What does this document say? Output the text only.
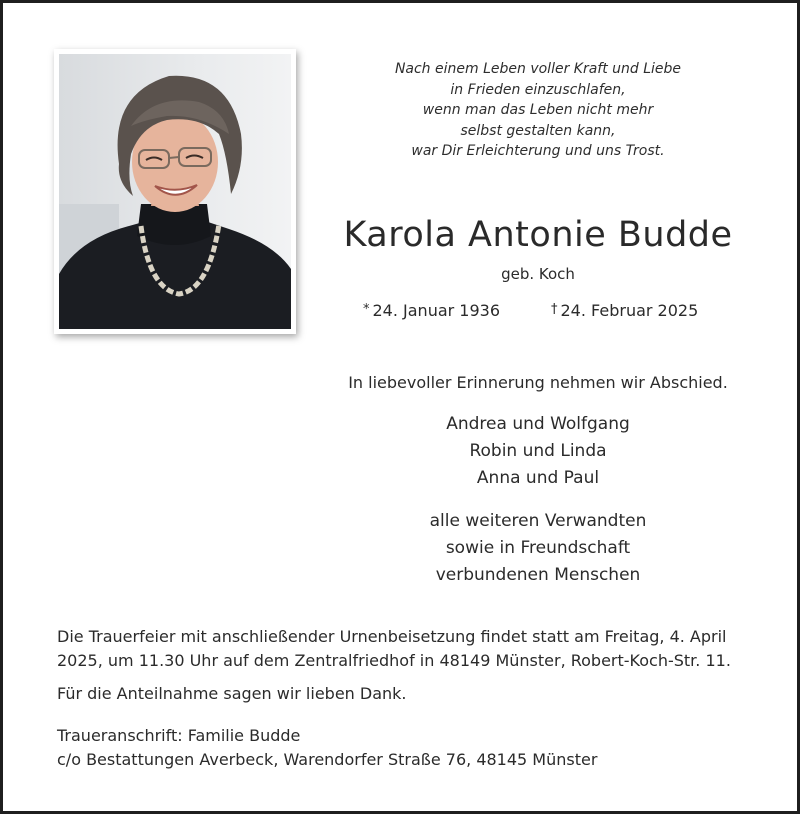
Nach einem Leben voller Kraft und Liebe
in Frieden einzuschlafen,
wenn man das Leben nicht mehr
selbst gestalten kann,
war Dir Erleichterung und uns Trost.
Karola Antonie Budde
geb. Koch
* 24. Januar 1936	† 24. Februar 2025
In liebevoller Erinnerung nehmen wir Abschied.
Andrea und Wolfgang
Robin und Linda
Anna und Paul
alle weiteren Verwandten
sowie in Freundschaft
verbundenen Menschen
Die Trauerfeier mit anschließender Urnenbeisetzung findet statt am Freitag, 4. April
2025, um 11.30 Uhr auf dem Zentralfriedhof in 48149 Münster, Robert-Koch-Str. 11.
Für die Anteilnahme sagen wir lieben Dank.
Traueranschrift: Familie Budde
c/o Bestattungen Averbeck, Warendorfer Straße 76, 48145 Münster
